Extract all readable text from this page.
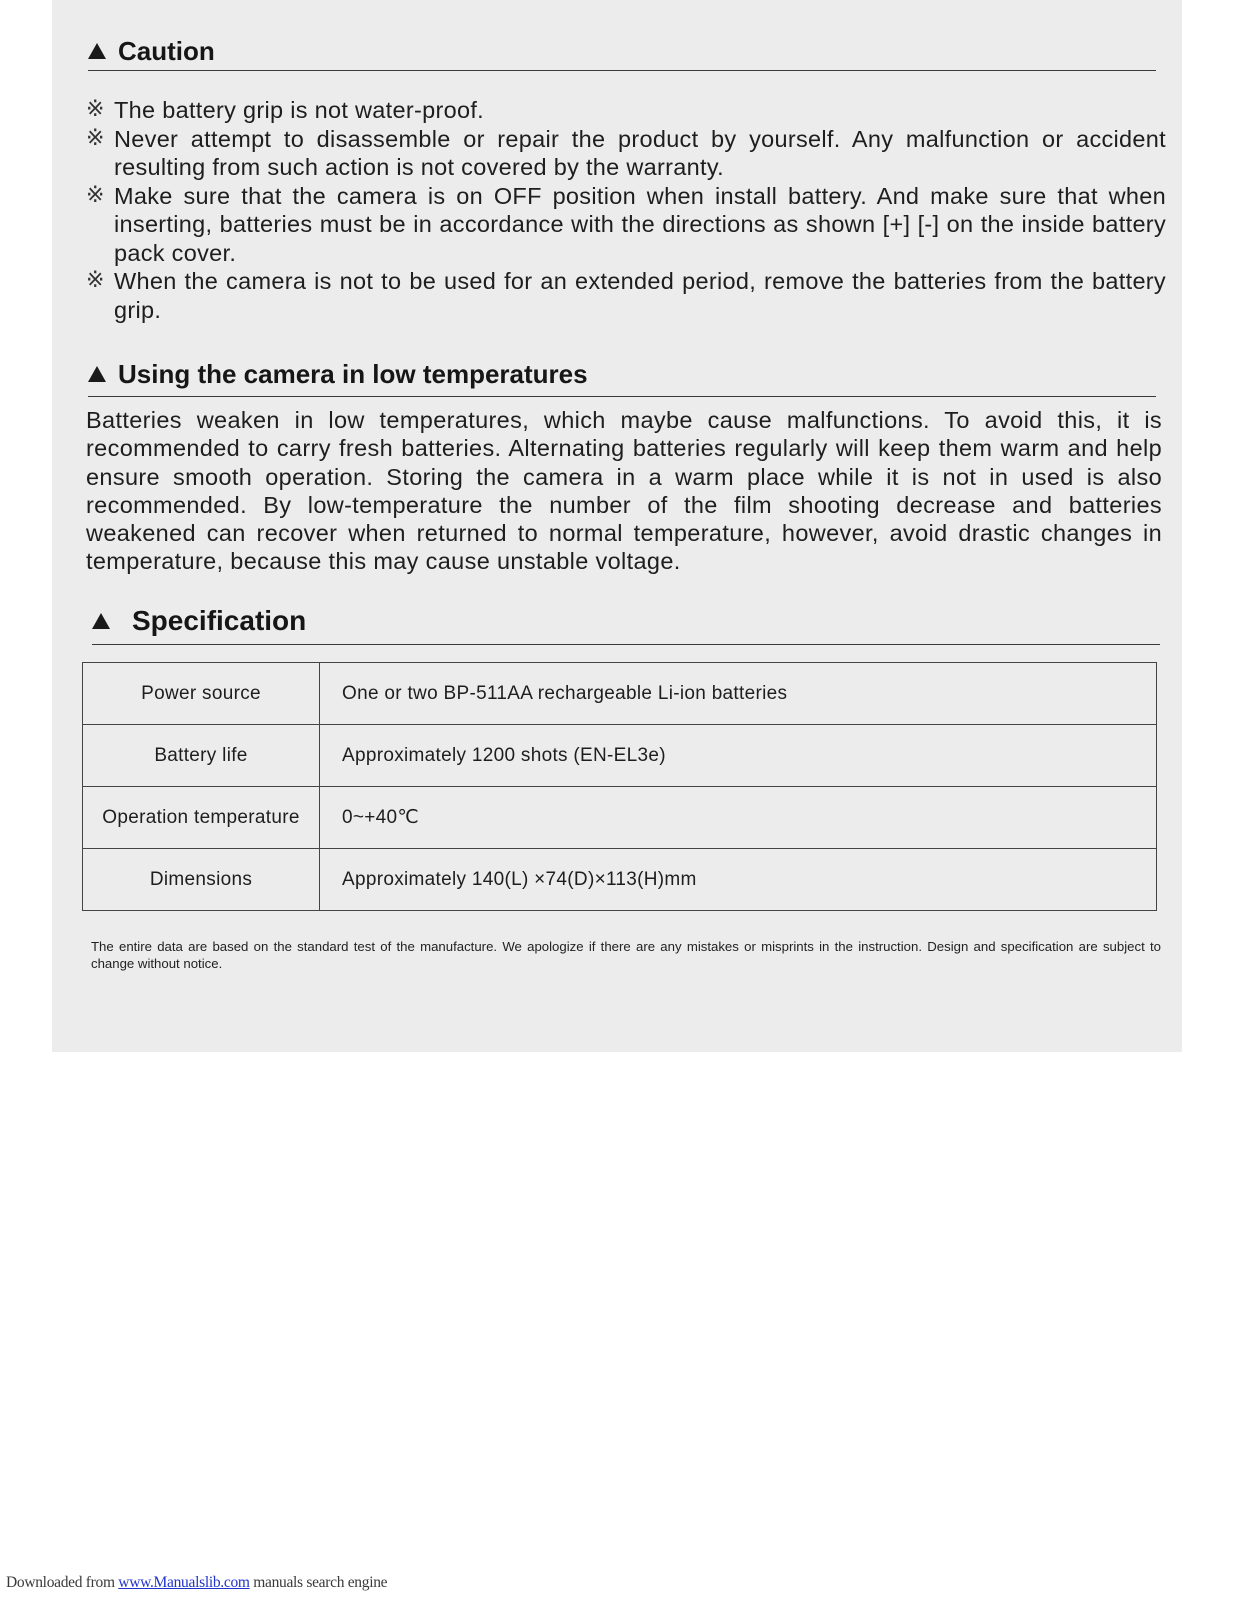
Caution
※ The battery grip is not water-proof.
※ Never attempt to disassemble or repair the product by yourself. Any malfunction or accident resulting from such action is not covered by the warranty.
※ Make sure that the camera is on OFF position when install battery. And make sure that when inserting, batteries must be in accordance with the directions as shown [+] [-] on the inside battery pack cover.
※ When the camera is not to be used for an extended period, remove the batteries from the battery grip.
Using the camera in low temperatures

Batteries weaken in low temperatures, which maybe cause malfunctions. To avoid this, it is recommended to carry fresh batteries. Alternating batteries regularly will keep them warm and help ensure smooth operation. Storing the camera in a warm place while it is not in used is also recommended. By low-temperature the number of the film shooting decrease and batteries weakened can recover when returned to normal temperature, however, avoid drastic changes in temperature, because this may cause unstable voltage.

Specification
Power source	One or two BP-511AA rechargeable Li-ion batteries
Battery life	Approximately 1200 shots (EN-EL3e)
Operation temperature	0~+40℃
Dimensions	Approximately 140(L) ×74(D)×113(H)mm

The entire data are based on the standard test of the manufacture. We apologize if there are any mistakes or misprints in the instruction. Design and specification are subject to change without notice.

Downloaded from www.Manualslib.com manuals search engine
